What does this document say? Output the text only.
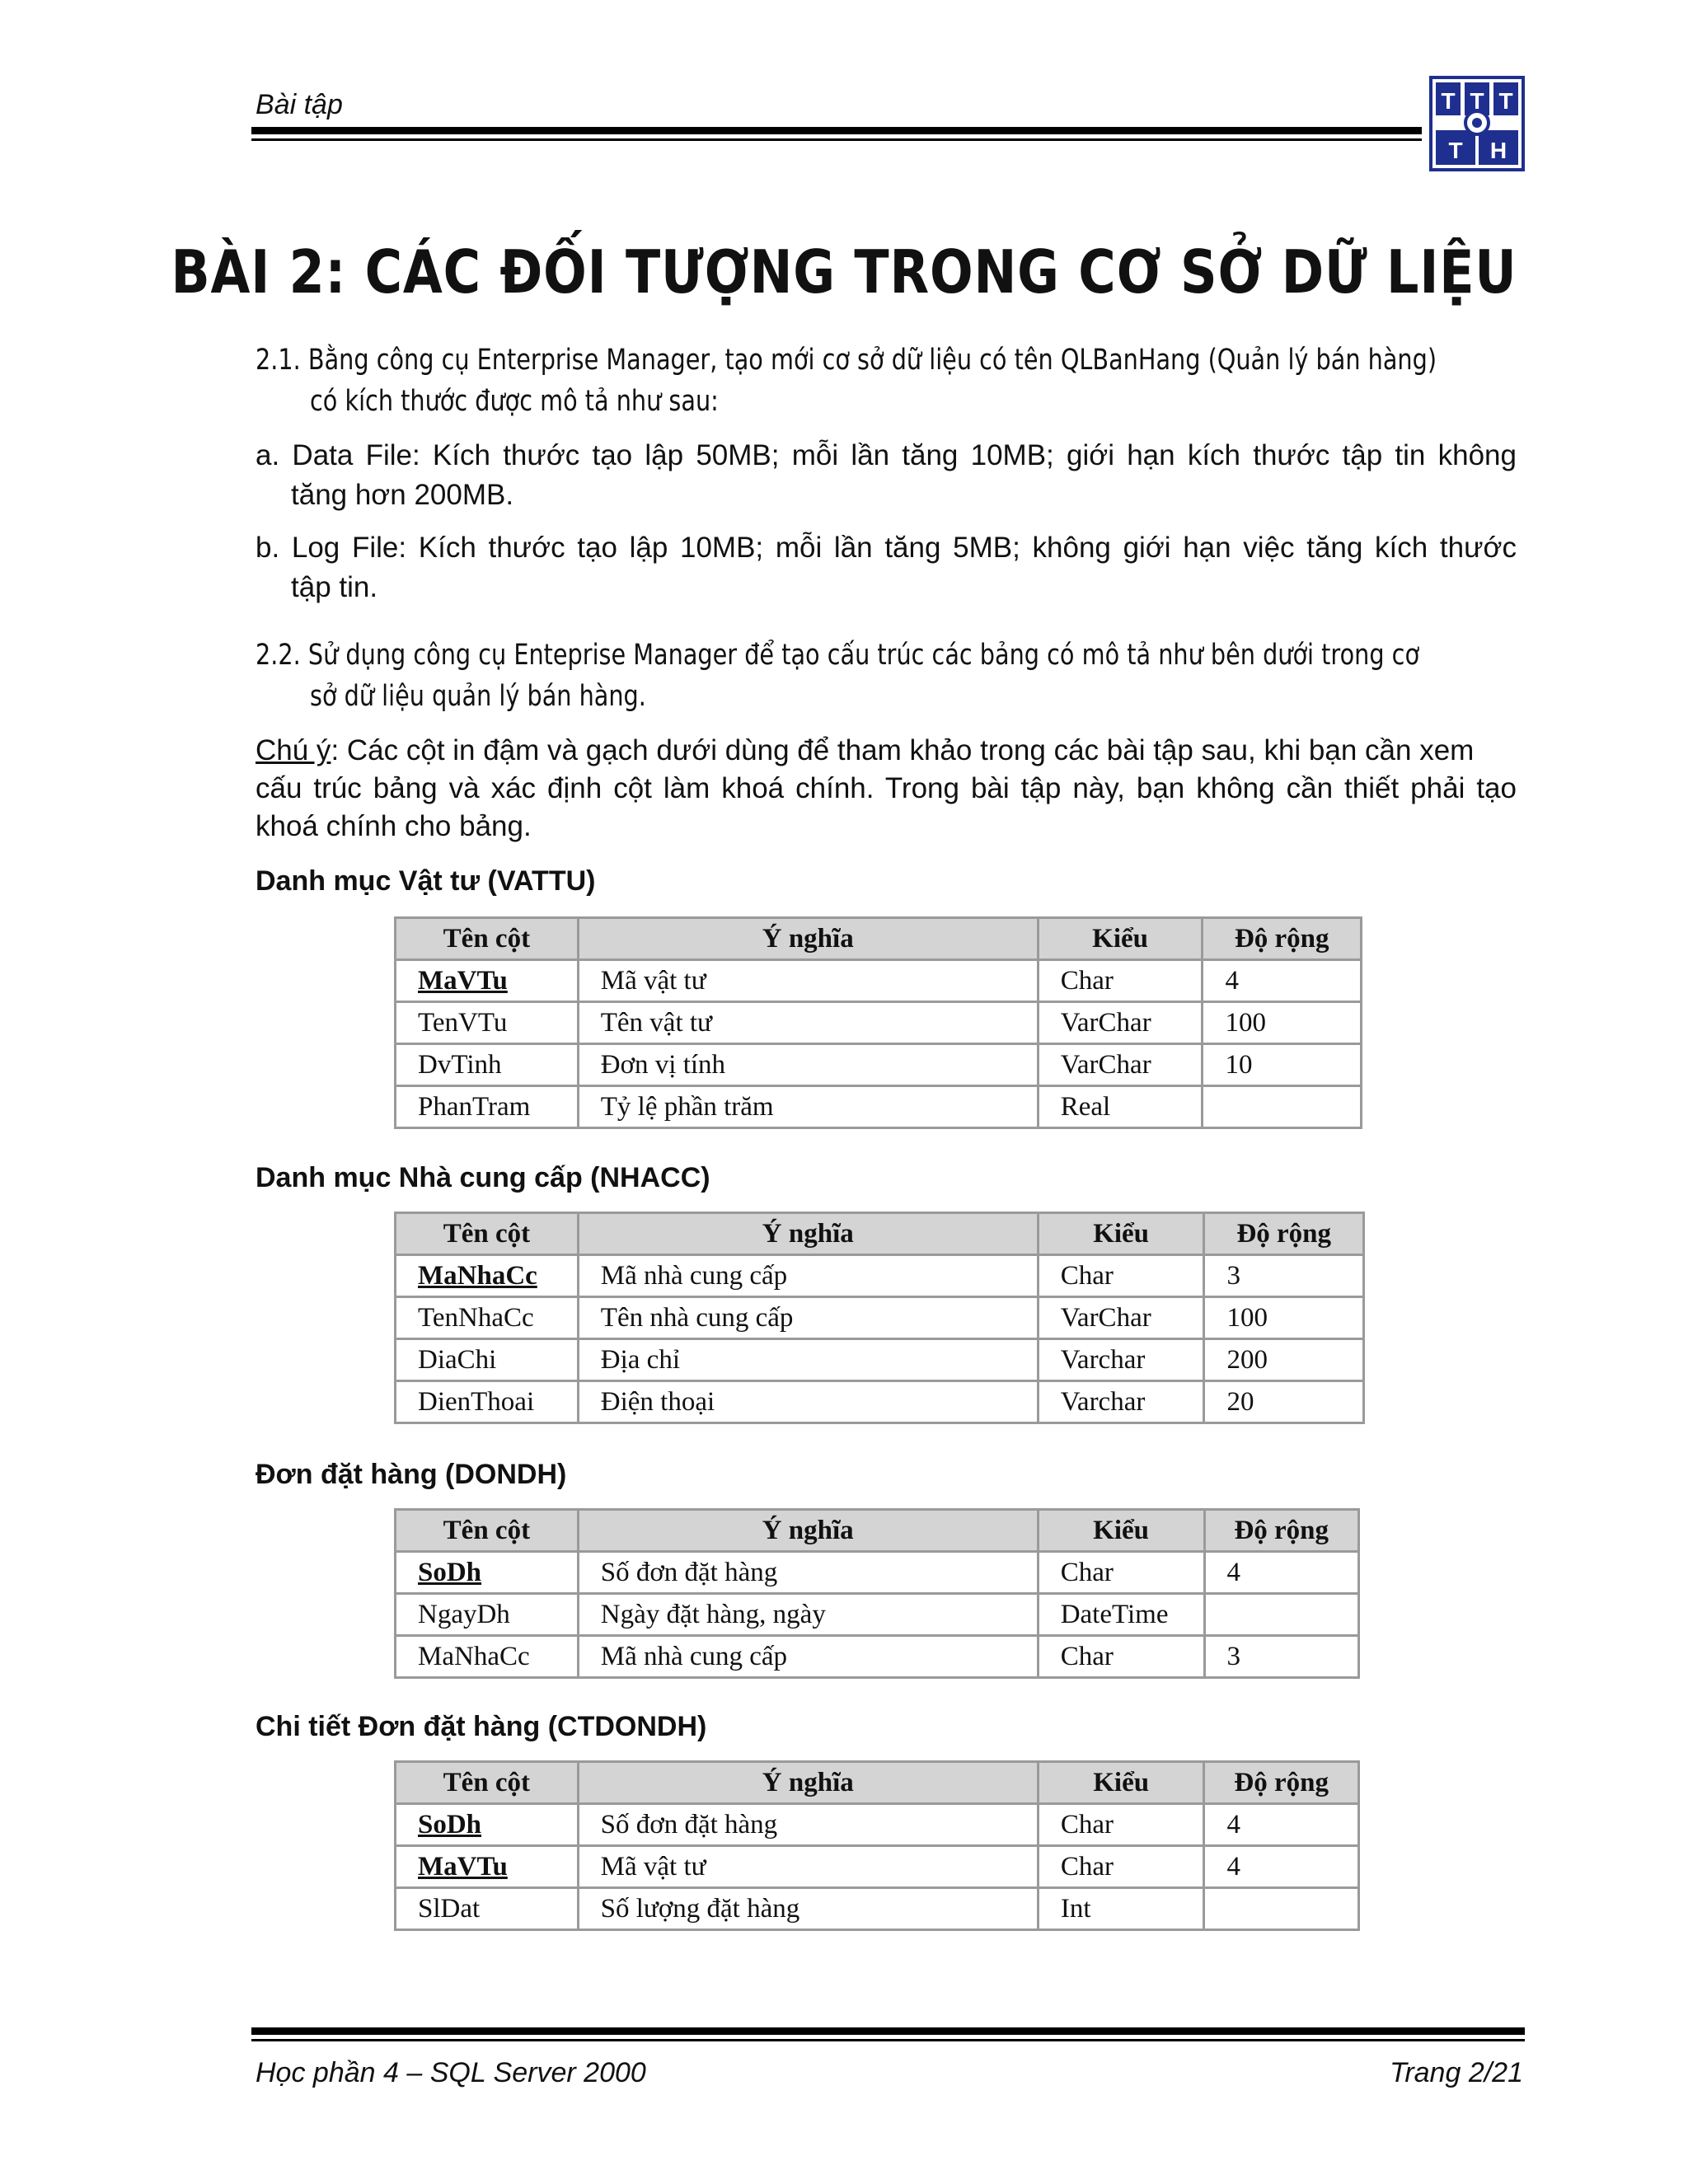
Bài tập	T T T
T H
BÀI 2: CÁC ĐỐI TƯỢNG TRONG CƠ SỞ DỮ LIỆU
2.1. Bằng công cụ Enterprise Manager, tạo mới cơ sở dữ liệu có tên QLBanHang (Quản lý bán hàng)
có kích thước được mô tả như sau:
a. Data File: Kích thước tạo lập 50MB; mỗi lần tăng 10MB; giới hạn kích thước tập tin không
tăng hơn 200MB.
b. Log File: Kích thước tạo lập 10MB; mỗi lần tăng 5MB; không giới hạn việc tăng kích thước
tập tin.
2.2. Sử dụng công cụ Enteprise Manager để tạo cấu trúc các bảng có mô tả như bên dưới trong cơ
sở dữ liệu quản lý bán hàng.
Chú ý: Các cột in đậm và gạch dưới dùng để tham khảo trong các bài tập sau, khi bạn cần xem
cấu trúc bảng và xác định cột làm khoá chính. Trong bài tập này, bạn không cần thiết phải tạo
khoá chính cho bảng.
Danh mục Vật tư (VATTU)
Tên cột	Ý nghĩa	Kiểu	Độ rộng
MaVTu	Mã vật tư	Char	4
TenVTu	Tên vật tư	VarChar	100
DvTinh	Đơn vị tính	VarChar	10
PhanTram	Tỷ lệ phần trăm	Real	
Danh mục Nhà cung cấp (NHACC)
Tên cột	Ý nghĩa	Kiểu	Độ rộng
MaNhaCc	Mã nhà cung cấp	Char	3
TenNhaCc	Tên nhà cung cấp	VarChar	100
DiaChi	Địa chỉ	Varchar	200
DienThoai	Điện thoại	Varchar	20
Đơn đặt hàng (DONDH)
Tên cột	Ý nghĩa	Kiểu	Độ rộng
SoDh	Số đơn đặt hàng	Char	4
NgayDh	Ngày đặt hàng, ngày	DateTime	
MaNhaCc	Mã nhà cung cấp	Char	3
Chi tiết Đơn đặt hàng (CTDONDH)
Tên cột	Ý nghĩa	Kiểu	Độ rộng
SoDh	Số đơn đặt hàng	Char	4
MaVTu	Mã vật tư	Char	4
SlDat	Số lượng đặt hàng	Int	
Học phần 4 – SQL Server 2000	Trang 2/21
